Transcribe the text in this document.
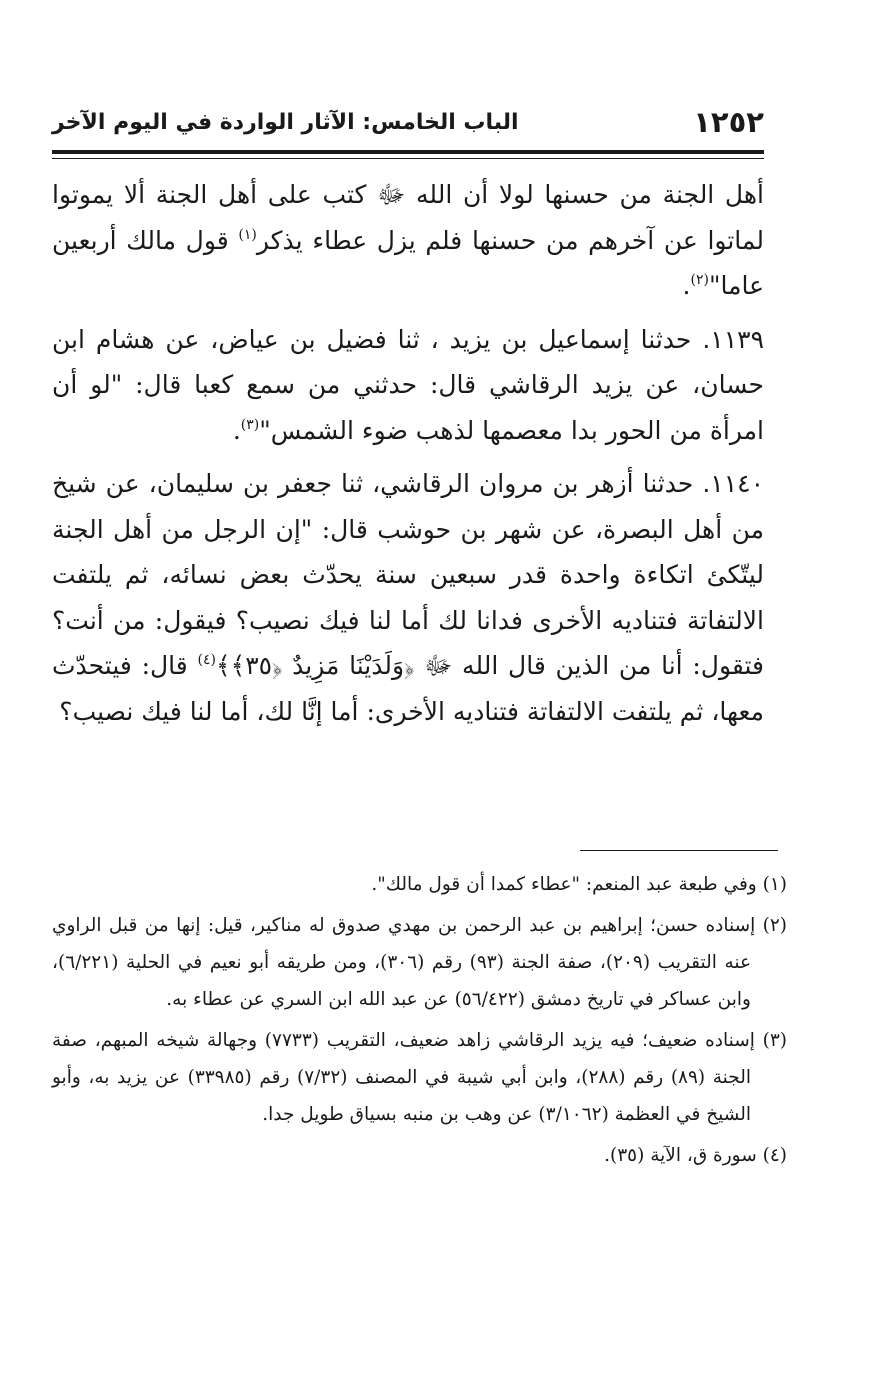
١٢٥٢
الباب الخامس: الآثار الواردة في اليوم الآخر

أهل الجنة من حسنها لولا أن الله ﷻ كتب على أهل الجنة ألا يموتوا لماتوا عن آخرهم من حسنها فلم يزل عطاء يذكر$^{(١)}$ قول مالك أربعين عاما"$^{(٢)}$.

١١٣٩. حدثنا إسماعيل بن يزيد ، ثنا فضيل بن عياض، عن هشام ابن حسان، عن يزيد الرقاشي قال: حدثني من سمع كعبا قال: "لو أن امرأة من الحور بدا معصمها لذهب ضوء الشمس"$^{(٣)}$.

١١٤٠. حدثنا أزهر بن مروان الرقاشي، ثنا جعفر بن سليمان، عن شيخ من أهل البصرة، عن شهر بن حوشب قال: "إن الرجل من أهل الجنة ليتّكئ اتكاءة واحدة قدر سبعين سنة يحدّث بعض نسائه، ثم يلتفت الالتفاتة فتناديه الأخرى فدانا لك أما لنا فيك نصيب؟ فيقول: من أنت؟ فتقول: أنا من الذين قال الله ﷻ ﴿وَلَدَيْنَا مَزِيدٌ ﴿٣٥﴾﴾$^{(٤)}$ قال: فيتحدّث معها، ثم يلتفت الالتفاتة فتناديه الأخرى: أما إنَّا لك، أما لنا فيك نصيب؟

(١) وفي طبعة عبد المنعم: "عطاء كمدا أن قول مالك".

(٢) إسناده حسن؛ إبراهيم بن عبد الرحمن بن مهدي صدوق له مناكير، قيل: إنها من قبل الراوي عنه التقريب (٢٠٩)، صفة الجنة (٩٣) رقم (٣٠٦)، ومن طريقه أبو نعيم في الحلية (٦/٢٢١)، وابن عساكر في تاريخ دمشق (٥٦/٤٢٢) عن عبد الله ابن السري عن عطاء به.

(٣) إسناده ضعيف؛ فيه يزيد الرقاشي زاهد ضعيف، التقريب (٧٧٣٣) وجهالة شيخه المبهم، صفة الجنة (٨٩) رقم (٢٨٨)، وابن أبي شيبة في المصنف (٧/٣٢) رقم (٣٣٩٨٥) عن يزيد به، وأبو الشيخ في العظمة (٣/١٠٦٢) عن وهب بن منبه بسياق طويل جدا.

(٤) سورة ق، الآية (٣٥).
